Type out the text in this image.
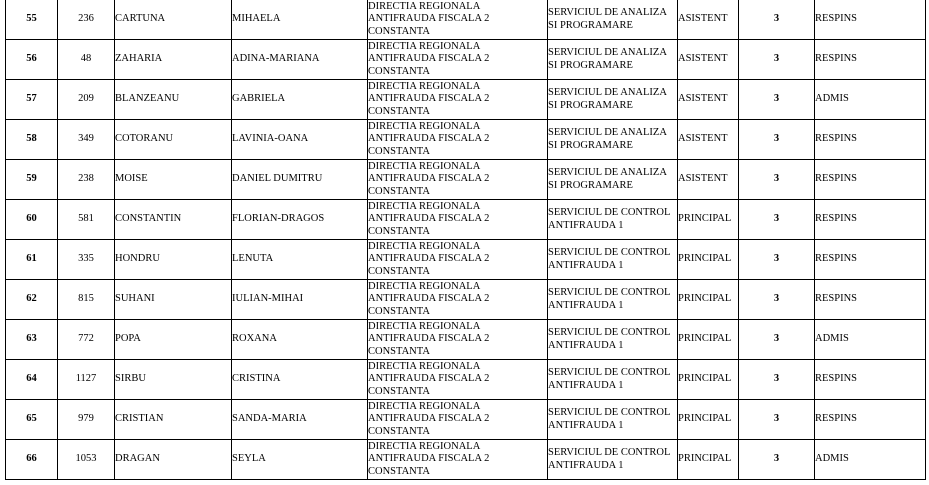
55	236	CARTUNA	MIHAELA	DIRECTIA REGIONALA
ANTIFRAUDA FISCALA 2
CONSTANTA	SERVICIUL DE ANALIZA
SI PROGRAMARE	ASISTENT	3	RESPINS
56	48	ZAHARIA	ADINA-MARIANA	DIRECTIA REGIONALA
ANTIFRAUDA FISCALA 2
CONSTANTA	SERVICIUL DE ANALIZA
SI PROGRAMARE	ASISTENT	3	RESPINS
57	209	BLANZEANU	GABRIELA	DIRECTIA REGIONALA
ANTIFRAUDA FISCALA 2
CONSTANTA	SERVICIUL DE ANALIZA
SI PROGRAMARE	ASISTENT	3	ADMIS
58	349	COTORANU	LAVINIA-OANA	DIRECTIA REGIONALA
ANTIFRAUDA FISCALA 2
CONSTANTA	SERVICIUL DE ANALIZA
SI PROGRAMARE	ASISTENT	3	RESPINS
59	238	MOISE	DANIEL DUMITRU	DIRECTIA REGIONALA
ANTIFRAUDA FISCALA 2
CONSTANTA	SERVICIUL DE ANALIZA
SI PROGRAMARE	ASISTENT	3	RESPINS
60	581	CONSTANTIN	FLORIAN-DRAGOS	DIRECTIA REGIONALA
ANTIFRAUDA FISCALA 2
CONSTANTA	SERVICIUL DE CONTROL
ANTIFRAUDA 1	PRINCIPAL	3	RESPINS
61	335	HONDRU	LENUTA	DIRECTIA REGIONALA
ANTIFRAUDA FISCALA 2
CONSTANTA	SERVICIUL DE CONTROL
ANTIFRAUDA 1	PRINCIPAL	3	RESPINS
62	815	SUHANI	IULIAN-MIHAI	DIRECTIA REGIONALA
ANTIFRAUDA FISCALA 2
CONSTANTA	SERVICIUL DE CONTROL
ANTIFRAUDA 1	PRINCIPAL	3	RESPINS
63	772	POPA	ROXANA	DIRECTIA REGIONALA
ANTIFRAUDA FISCALA 2
CONSTANTA	SERVICIUL DE CONTROL
ANTIFRAUDA 1	PRINCIPAL	3	ADMIS
64	1127	SIRBU	CRISTINA	DIRECTIA REGIONALA
ANTIFRAUDA FISCALA 2
CONSTANTA	SERVICIUL DE CONTROL
ANTIFRAUDA 1	PRINCIPAL	3	RESPINS
65	979	CRISTIAN	SANDA-MARIA	DIRECTIA REGIONALA
ANTIFRAUDA FISCALA 2
CONSTANTA	SERVICIUL DE CONTROL
ANTIFRAUDA 1	PRINCIPAL	3	RESPINS
66	1053	DRAGAN	SEYLA	DIRECTIA REGIONALA
ANTIFRAUDA FISCALA 2
CONSTANTA	SERVICIUL DE CONTROL
ANTIFRAUDA 1	PRINCIPAL	3	ADMIS
